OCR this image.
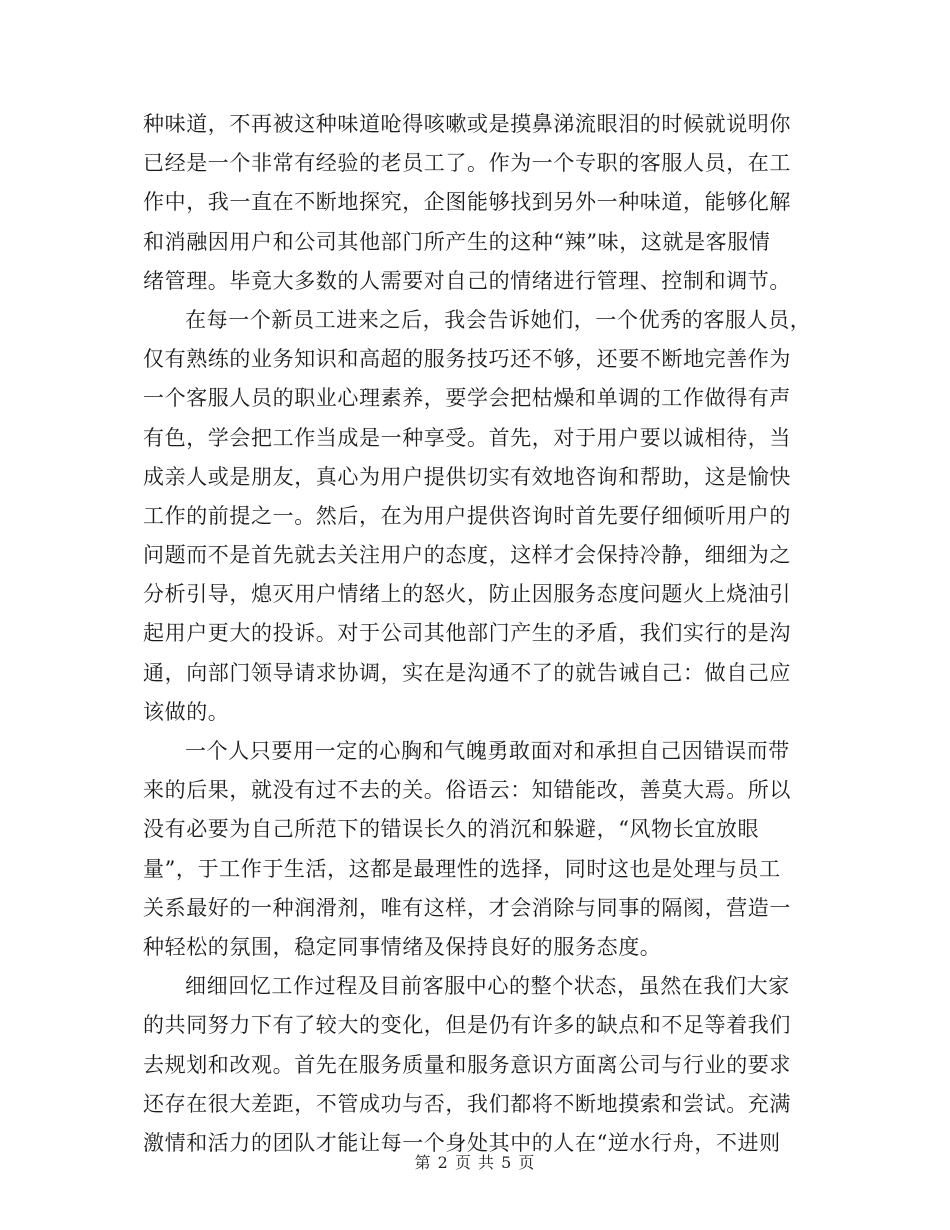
种味道，不再被这种味道呛得咳嗽或是摸鼻涕流眼泪的时候就说明你
已经是一个非常有经验的老员工了。作为一个专职的客服人员，在工
作中，我一直在不断地探究，企图能够找到另外一种味道，能够化解
和消融因用户和公司其他部门所产生的这种“辣”味，这就是客服情
绪管理。毕竟大多数的人需要对自己的情绪进行管理、控制和调节。
在每一个新员工进来之后，我会告诉她们，一个优秀的客服人员，
仅有熟练的业务知识和高超的服务技巧还不够，还要不断地完善作为
一个客服人员的职业心理素养，要学会把枯燥和单调的工作做得有声
有色，学会把工作当成是一种享受。首先，对于用户要以诚相待，当
成亲人或是朋友，真心为用户提供切实有效地咨询和帮助，这是愉快
工作的前提之一。然后，在为用户提供咨询时首先要仔细倾听用户的
问题而不是首先就去关注用户的态度，这样才会保持冷静，细细为之
分析引导，熄灭用户情绪上的怒火，防止因服务态度问题火上烧油引
起用户更大的投诉。对于公司其他部门产生的矛盾，我们实行的是沟
通，向部门领导请求协调，实在是沟通不了的就告诫自己：做自己应
该做的。
一个人只要用一定的心胸和气魄勇敢面对和承担自己因错误而带
来的后果，就没有过不去的关。俗语云：知错能改，善莫大焉。所以
没有必要为自己所范下的错误长久的消沉和躲避，“风物长宜放眼
量”，于工作于生活，这都是最理性的选择，同时这也是处理与员工
关系最好的一种润滑剂，唯有这样，才会消除与同事的隔阂，营造一
种轻松的氛围，稳定同事情绪及保持良好的服务态度。
细细回忆工作过程及目前客服中心的整个状态，虽然在我们大家
的共同努力下有了较大的变化，但是仍有许多的缺点和不足等着我们
去规划和改观。首先在服务质量和服务意识方面离公司与行业的要求
还存在很大差距，不管成功与否，我们都将不断地摸索和尝试。充满
激情和活力的团队才能让每一个身处其中的人在“逆水行舟，不进则
第 2 页 共 5 页
